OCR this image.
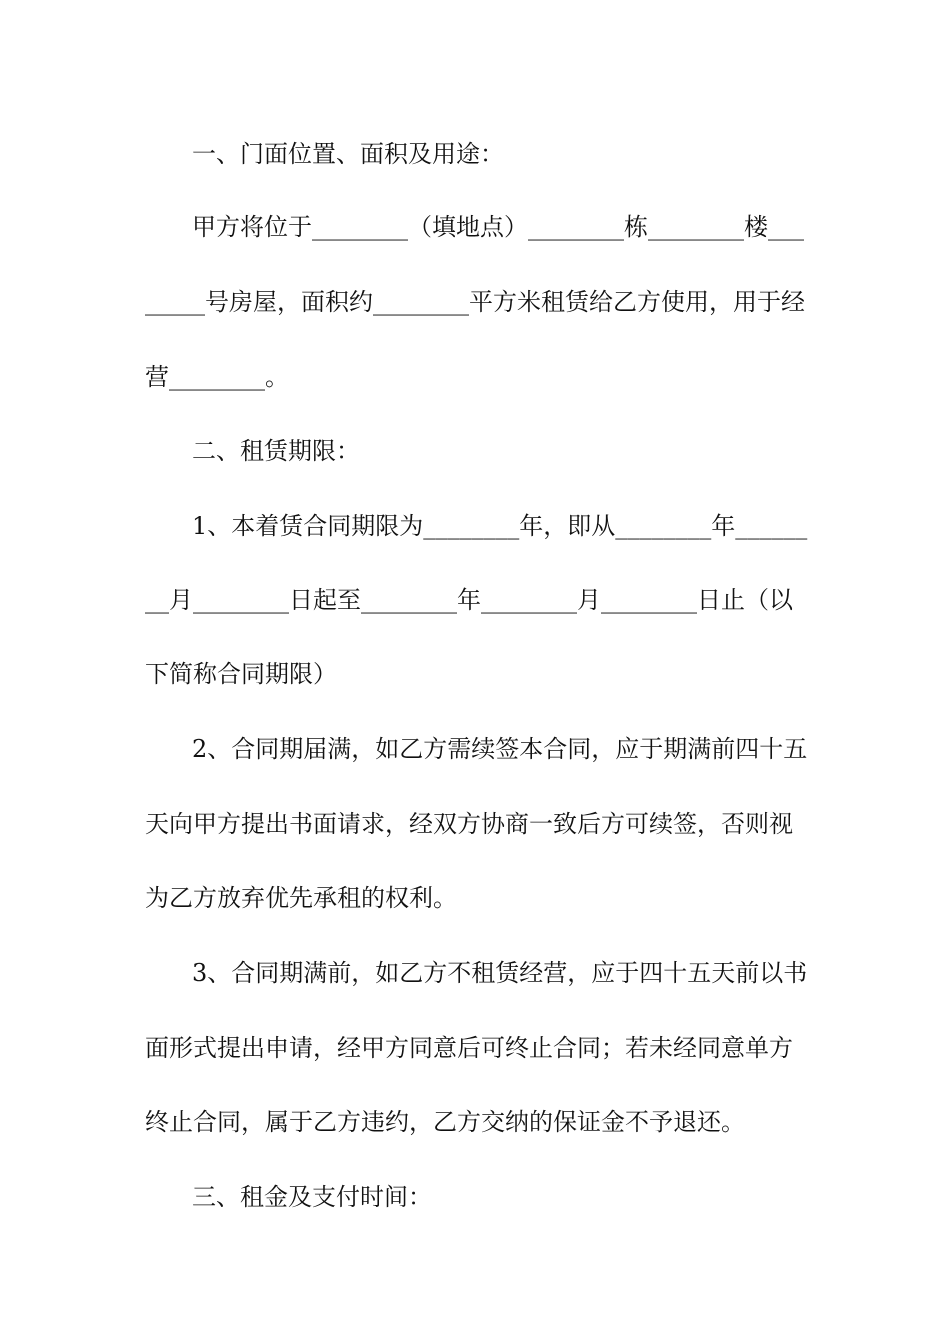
一、门面位置、面积及用途：
甲方将位于________（填地点）________栋________楼___
_____号房屋，面积约________平方米租赁给乙方使用，用于经
营________。
二、租赁期限：
1、本着赁合同期限为________年，即从________年______
__月________日起至________年________月________日止（以
下简称合同期限）
2、合同期届满，如乙方需续签本合同，应于期满前四十五
天向甲方提出书面请求，经双方协商一致后方可续签，否则视
为乙方放弃优先承租的权利。
3、合同期满前，如乙方不租赁经营，应于四十五天前以书
面形式提出申请，经甲方同意后可终止合同；若未经同意单方
终止合同，属于乙方违约，乙方交纳的保证金不予退还。
三、租金及支付时间：
